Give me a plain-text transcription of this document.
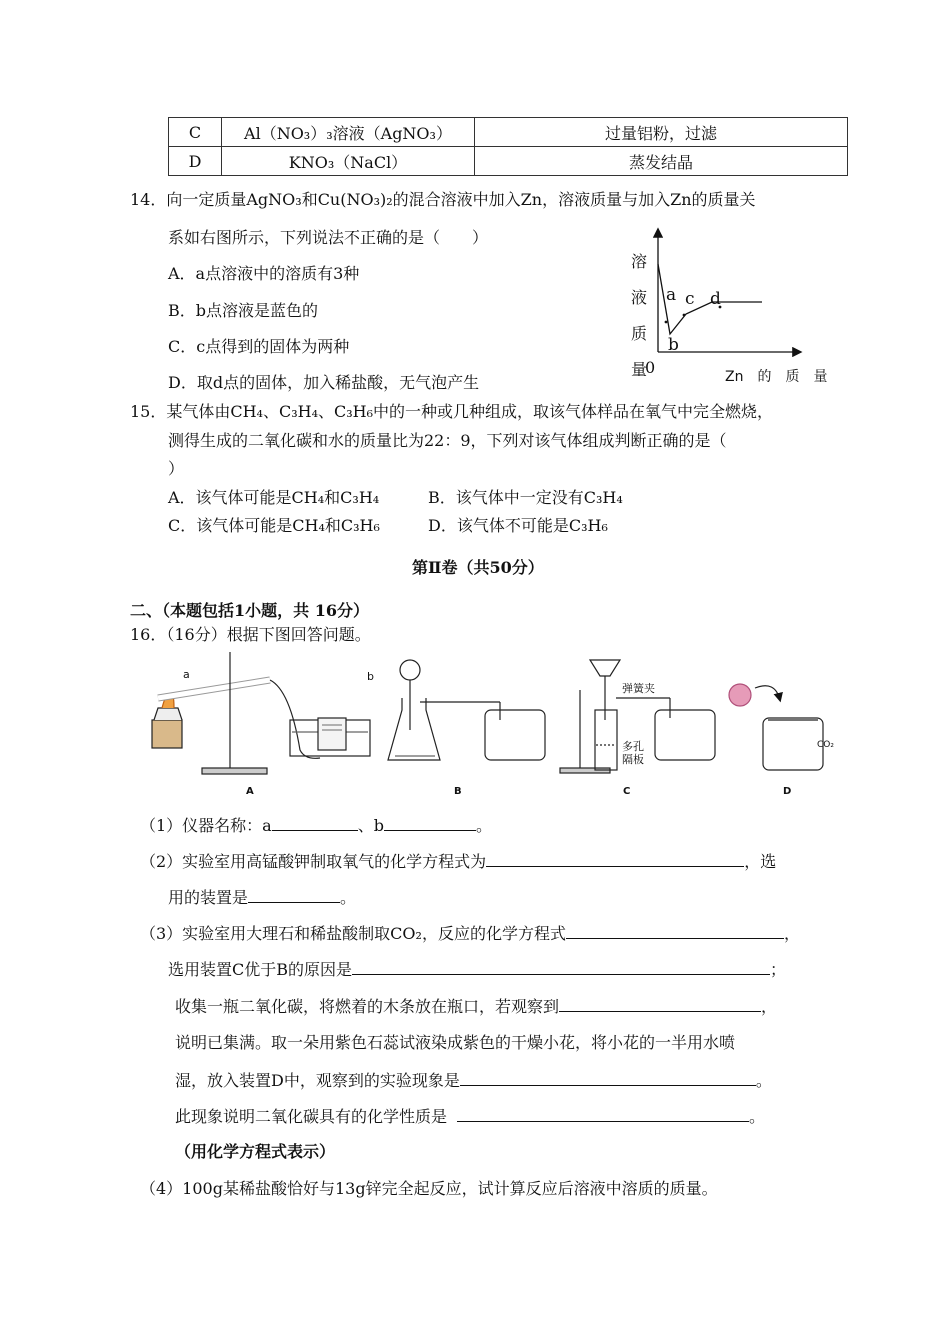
C	Al（NO₃）₃溶液（AgNO₃）	过量铝粉，过滤
D	KNO₃（NaCl）	蒸发结晶
14．向一定质量AgNO₃和Cu(NO₃)₂的混合溶液中加入Zn，溶液质量与加入Zn的质量关
系如右图所示，下列说法不正确的是（　　）
A．a点溶液中的溶质有3种
B．b点溶液是蓝色的
C．c点得到的固体为两种
D．取d点的固体，加入稀盐酸，无气泡产生
溶
液
质
量
0	Zn　的　质　量
a
b
c d
15．某气体由CH₄、C₃H₄、C₃H₆中的一种或几种组成，取该气体样品在氧气中完全燃烧，
测得生成的二氧化碳和水的质量比为22：9，下列对该气体组成判断正确的是（
）
A．该气体可能是CH₄和C₃H₄	B．该气体中一定没有C₃H₄
C．该气体可能是CH₄和C₃H₆	D．该气体不可能是C₃H₆
第Ⅱ卷（共50分）
二、（本题包括1小题，共 16分）
16．（16分）根据下图回答问题。
a	b
弹簧夹
多孔隔板
CO₂
A	B	C	D
（1）仪器名称：a	、b	。
（2）实验室用高锰酸钾制取氧气的化学方程式为	，选
用的装置是	。
（3）实验室用大理石和稀盐酸制取CO₂，反应的化学方程式	，
选用装置C优于B的原因是	；
收集一瓶二氧化碳，将燃着的木条放在瓶口，若观察到	，
说明已集满。取一朵用紫色石蕊试液染成紫色的干燥小花，将小花的一半用水喷
湿，放入装置D中，观察到的实验现象是	。
此现象说明二氧化碳具有的化学性质是	。
（用化学方程式表示）
（4）100g某稀盐酸恰好与13g锌完全起反应，试计算反应后溶液中溶质的质量。
